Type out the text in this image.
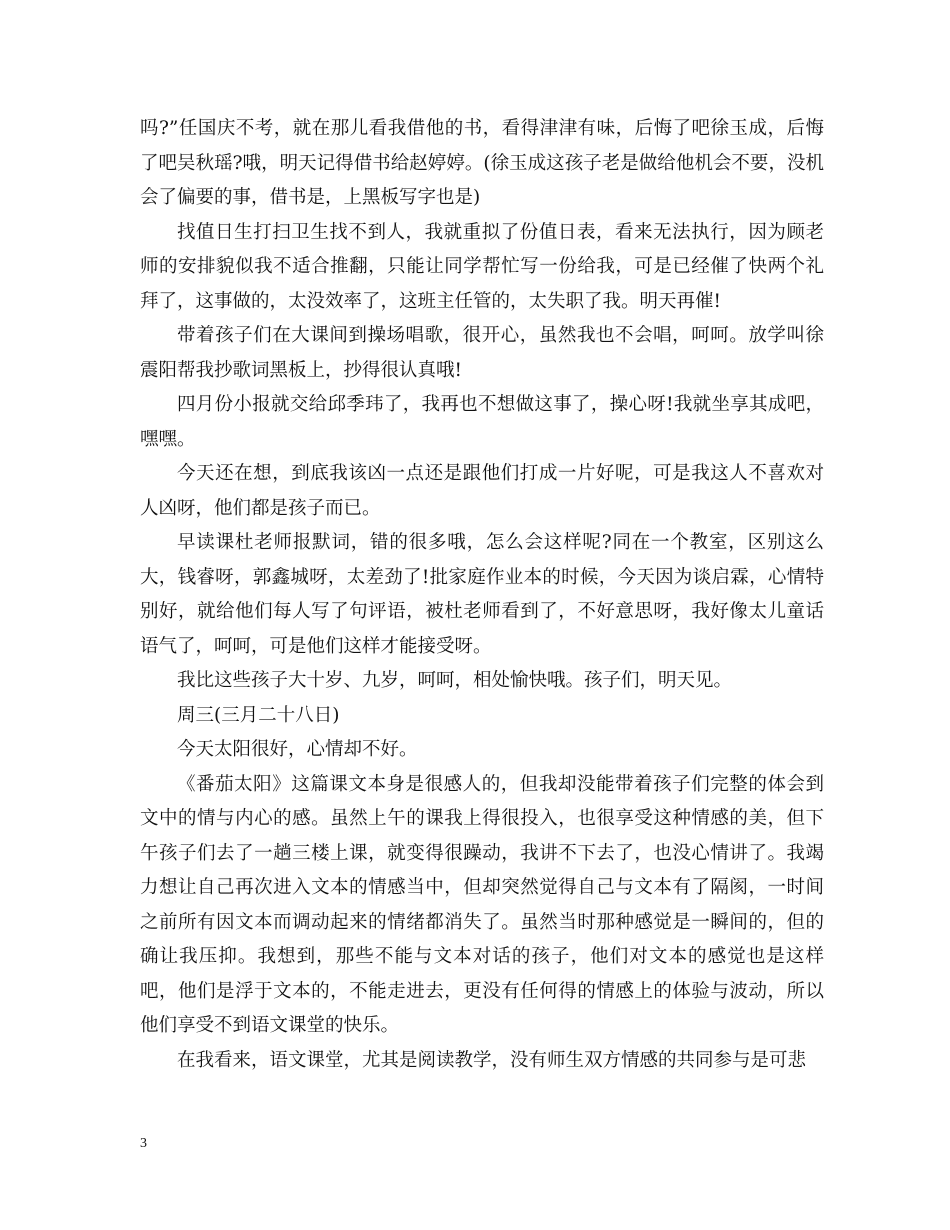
吗?”任国庆不考，就在那儿看我借他的书，看得津津有味，后悔了吧徐玉成，后悔了吧吴秋瑶?哦，明天记得借书给赵婷婷。(徐玉成这孩子老是做给他机会不要，没机会了偏要的事，借书是，上黑板写字也是)

找值日生打扫卫生找不到人，我就重拟了份值日表，看来无法执行，因为顾老师的安排貌似我不适合推翻，只能让同学帮忙写一份给我，可是已经催了快两个礼拜了，这事做的，太没效率了，这班主任管的，太失职了我。明天再催!

带着孩子们在大课间到操场唱歌，很开心，虽然我也不会唱，呵呵。放学叫徐震阳帮我抄歌词黑板上，抄得很认真哦!

四月份小报就交给邱季玮了，我再也不想做这事了，操心呀!我就坐享其成吧，嘿嘿。

今天还在想，到底我该凶一点还是跟他们打成一片好呢，可是我这人不喜欢对人凶呀，他们都是孩子而已。

早读课杜老师报默词，错的很多哦，怎么会这样呢?同在一个教室，区别这么大，钱睿呀，郭鑫城呀，太差劲了!批家庭作业本的时候，今天因为谈启霖，心情特别好，就给他们每人写了句评语，被杜老师看到了，不好意思呀，我好像太儿童话语气了，呵呵，可是他们这样才能接受呀。

我比这些孩子大十岁、九岁，呵呵，相处愉快哦。孩子们，明天见。

周三(三月二十八日)

今天太阳很好，心情却不好。

《番茄太阳》这篇课文本身是很感人的，但我却没能带着孩子们完整的体会到文中的情与内心的感。虽然上午的课我上得很投入，也很享受这种情感的美，但下午孩子们去了一趟三楼上课，就变得很躁动，我讲不下去了，也没心情讲了。我竭力想让自己再次进入文本的情感当中，但却突然觉得自己与文本有了隔阂，一时间之前所有因文本而调动起来的情绪都消失了。虽然当时那种感觉是一瞬间的，但的确让我压抑。我想到，那些不能与文本对话的孩子，他们对文本的感觉也是这样吧，他们是浮于文本的，不能走进去，更没有任何得的情感上的体验与波动，所以他们享受不到语文课堂的快乐。

在我看来，语文课堂，尤其是阅读教学，没有师生双方情感的共同参与是可悲

3
